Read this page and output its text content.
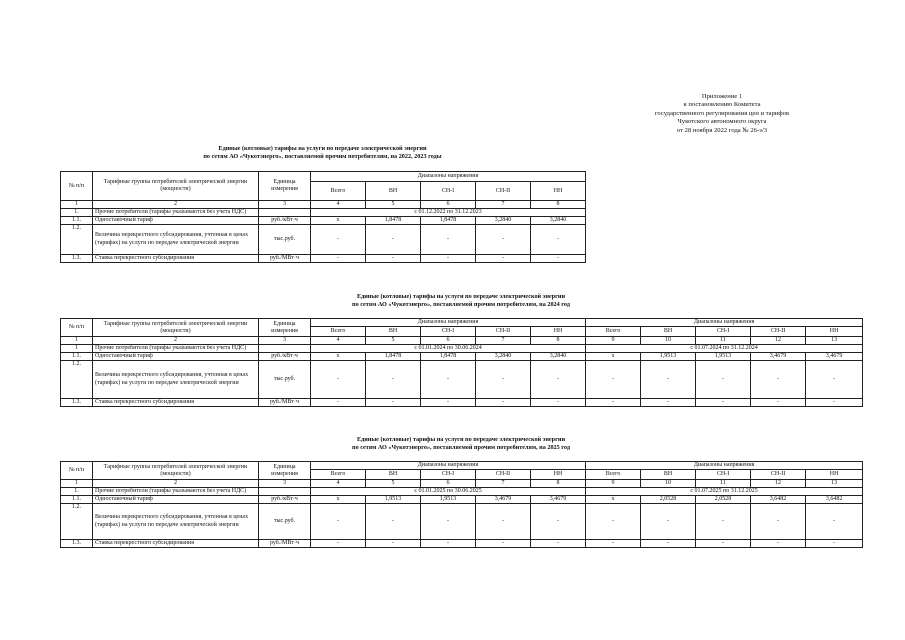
Приложение 1
к постановлению Комитета
государственного регулирования цен и тарифов
Чукотского автономного округа
от 28 ноября 2022 года № 26-э/3
Единые (котловые) тарифы на услуги по передаче электрической энергии
по сетям АО «Чукотэнерго», поставляемой прочим потребителям, на 2022, 2023 годы
№ п/п	Тарифные группы потребителей электрической энергии (мощности)	Единица измерения	Диапазоны напряжения				
			Всего	ВН	СН-I	СН-II	НН
1	2	3	4	5	6	7	8
1.	Прочие потребители (тарифы указываются без учета НДС)		с 01.12.2022 по 31.12.2023				
1.1.	Одноставочный тариф	руб./кВт·ч	х	1,8478	1,8478	3,2840	3,2840
1.2.	Величина перекрестного субсидирования, учтенная в ценах (тарифах) на услуги по передаче электрической энергии	тыс.руб.	-	-	-	-	-
1.3.	Ставка перекрестного субсидирования	руб./МВт·ч	-	-	-	-	-
Единые (котловые) тарифы на услуги по передаче электрической энергии
по сетям АО «Чукотэнерго», поставляемой прочим потребителям, на 2024 год
№ п/п	Тарифные группы потребителей электрической энергии (мощности)	Единица измерения	Диапазоны напряжения					Диапазоны напряжения				
			Всего	ВН	СН-I	СН-II	НН	Всего	ВН	СН-I	СН-II	НН
1	2	3	4	5	6	7	8	9	10	11	12	13
1	Прочие потребители (тарифы указываются без учета НДС)		с 01.01.2024 по 30.06.2024					с 01.07.2024 по 31.12.2024				
1.1.	Одноставочный тариф	руб./кВт·ч	х	1,8478	1,8478	3,2840	3,2840	х	1,9513	1,9513	3,4679	3,4679
1.2.	Величина перекрестного субсидирования, учтенная в ценах (тарифах) на услуги по передаче электрической энергии	тыс.руб.	-	-	-	-	-	-	-	-	-	-
1.3.	Ставка перекрестного субсидирования	руб./МВт·ч	-	-	-	-	-	-	-	-	-	-
Единые (котловые) тарифы на услуги по передаче электрической энергии
по сетям АО «Чукотэнерго», поставляемой прочим потребителям, на 2025 год
№ п/п	Тарифные группы потребителей электрической энергии (мощности)	Единица измерения	Диапазоны напряжения					Диапазоны напряжения				
			Всего	ВН	СН-I	СН-II	НН	Всего	ВН	СН-I	СН-II	НН
1	2	3	4	5	6	7	8	9	10	11	12	13
1.	Прочие потребители (тарифы указываются без учета НДС)		с 01.01.2025 по 30.06.2025					с 01.07.2025 по 31.12.2025				
1.1.	Одноставочный тариф	руб./кВт·ч	х	1,9513	1,9513	3,4679	3,4679	х	2,0528	2,0528	3,6482	3,6482
1.2.	Величина перекрестного субсидирования, учтенная в ценах (тарифах) на услуги по передаче электрической энергии	тыс.руб.	-	-	-	-	-	-	-	-	-	-
1.3.	Ставка перекрестного субсидирования	руб./МВт·ч	-	-	-	-	-	-	-	-	-	-
